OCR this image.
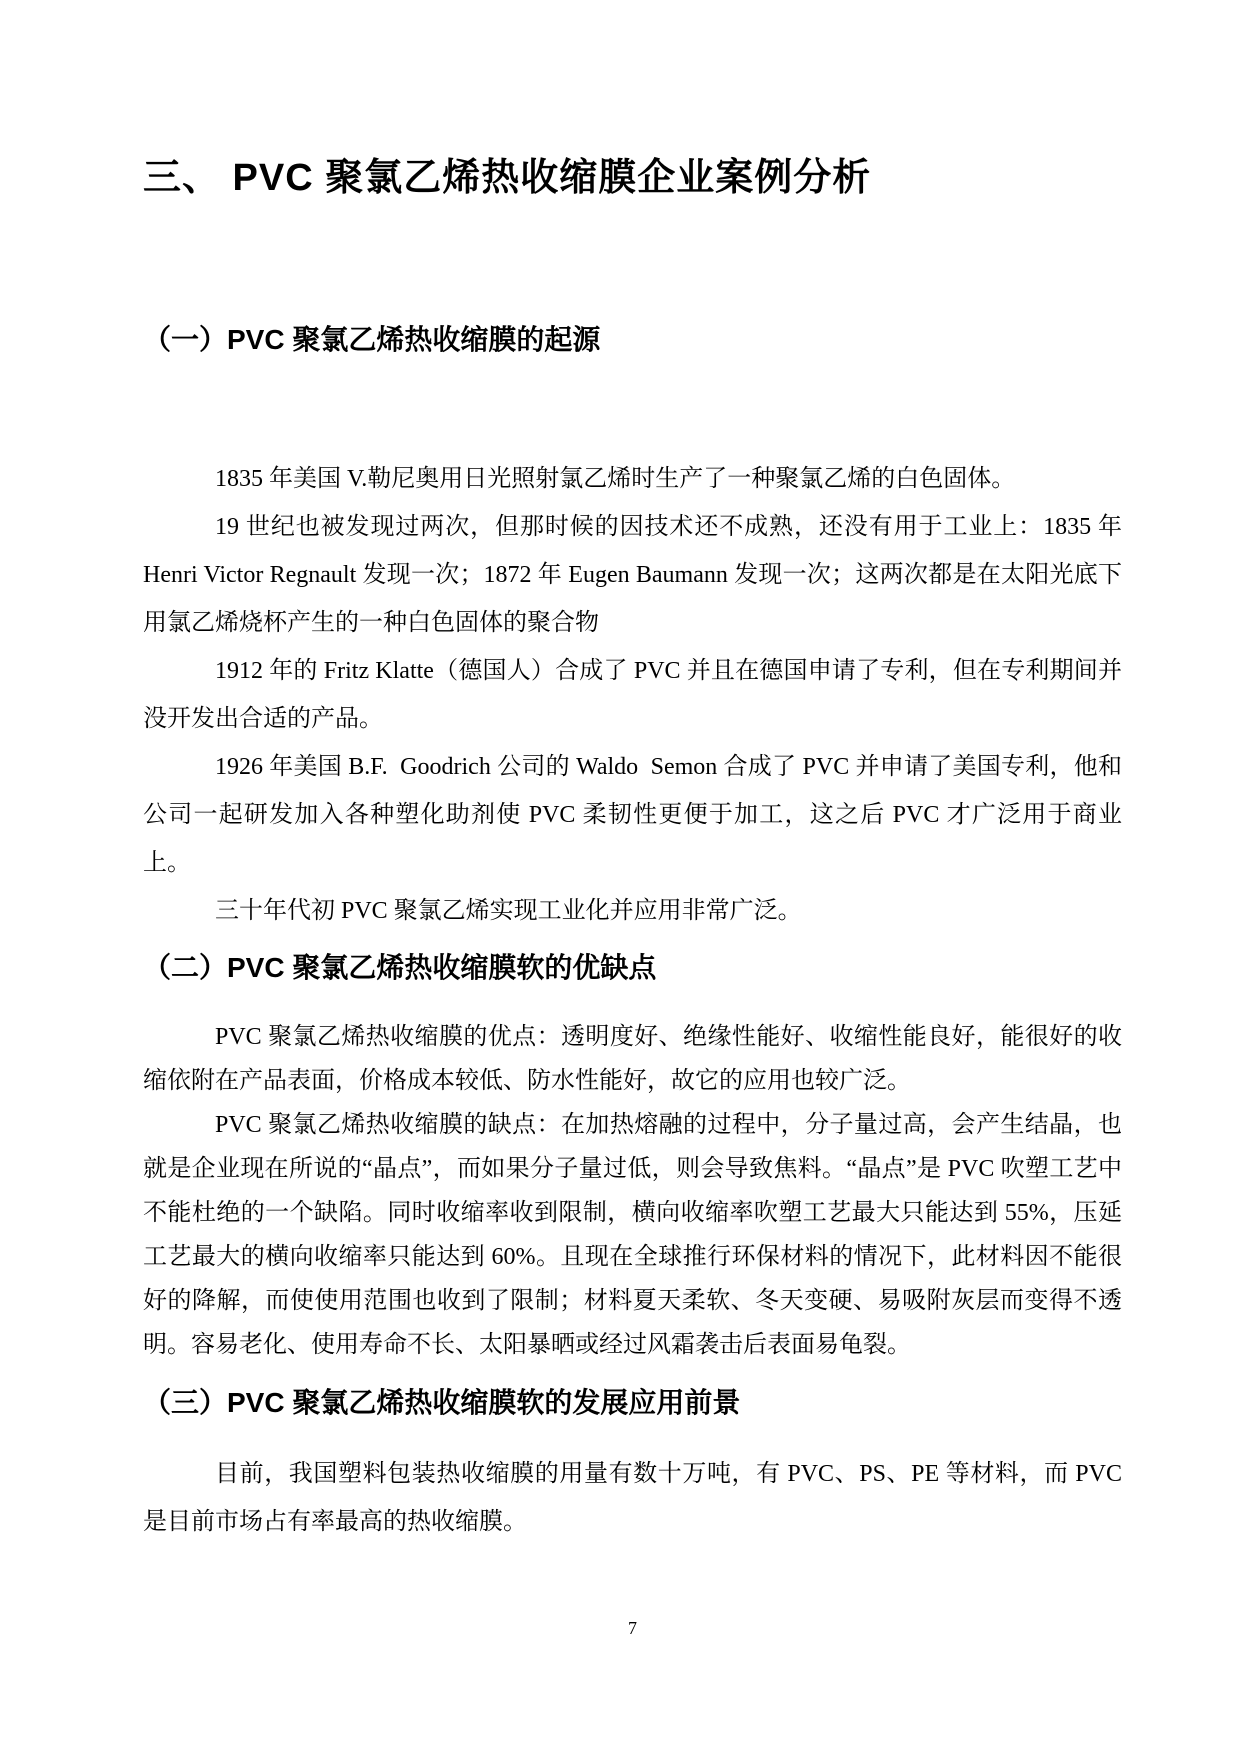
三、 PVC 聚氯乙烯热收缩膜企业案例分析
（一）PVC 聚氯乙烯热收缩膜的起源

1835 年美国 V.勒尼奥用日光照射氯乙烯时生产了一种聚氯乙烯的白色固体。

19 世纪也被发现过两次，但那时候的因技术还不成熟，还没有用于工业上：1835 年 Henri Victor Regnault 发现一次；1872 年 Eugen Baumann 发现一次；这两次都是在太阳光底下用氯乙烯烧杯产生的一种白色固体的聚合物

1912 年的 Fritz Klatte（德国人）合成了 PVC 并且在德国申请了专利，但在专利期间并没开发出合适的产品。

1926 年美国 B.F.  Goodrich 公司的 Waldo  Semon 合成了 PVC 并申请了美国专利，他和公司一起研发加入各种塑化助剂使 PVC 柔韧性更便于加工，这之后 PVC 才广泛用于商业上。

三十年代初 PVC 聚氯乙烯实现工业化并应用非常广泛。

（二）PVC 聚氯乙烯热收缩膜软的优缺点

PVC 聚氯乙烯热收缩膜的优点：透明度好、绝缘性能好、收缩性能良好，能很好的收缩依附在产品表面，价格成本较低、防水性能好，故它的应用也较广泛。

PVC 聚氯乙烯热收缩膜的缺点：在加热熔融的过程中，分子量过高，会产生结晶，也就是企业现在所说的“晶点”，而如果分子量过低，则会导致焦料。“晶点”是 PVC 吹塑工艺中不能杜绝的一个缺陷。同时收缩率收到限制，横向收缩率吹塑工艺最大只能达到 55%，压延工艺最大的横向收缩率只能达到 60%。且现在全球推行环保材料的情况下，此材料因不能很好的降解，而使使用范围也收到了限制；材料夏天柔软、冬天变硬、易吸附灰层而变得不透明。容易老化、使用寿命不长、太阳暴晒或经过风霜袭击后表面易龟裂。

（三）PVC 聚氯乙烯热收缩膜软的发展应用前景

目前，我国塑料包装热收缩膜的用量有数十万吨，有 PVC、PS、PE 等材料，而 PVC 是目前市场占有率最高的热收缩膜。

7
